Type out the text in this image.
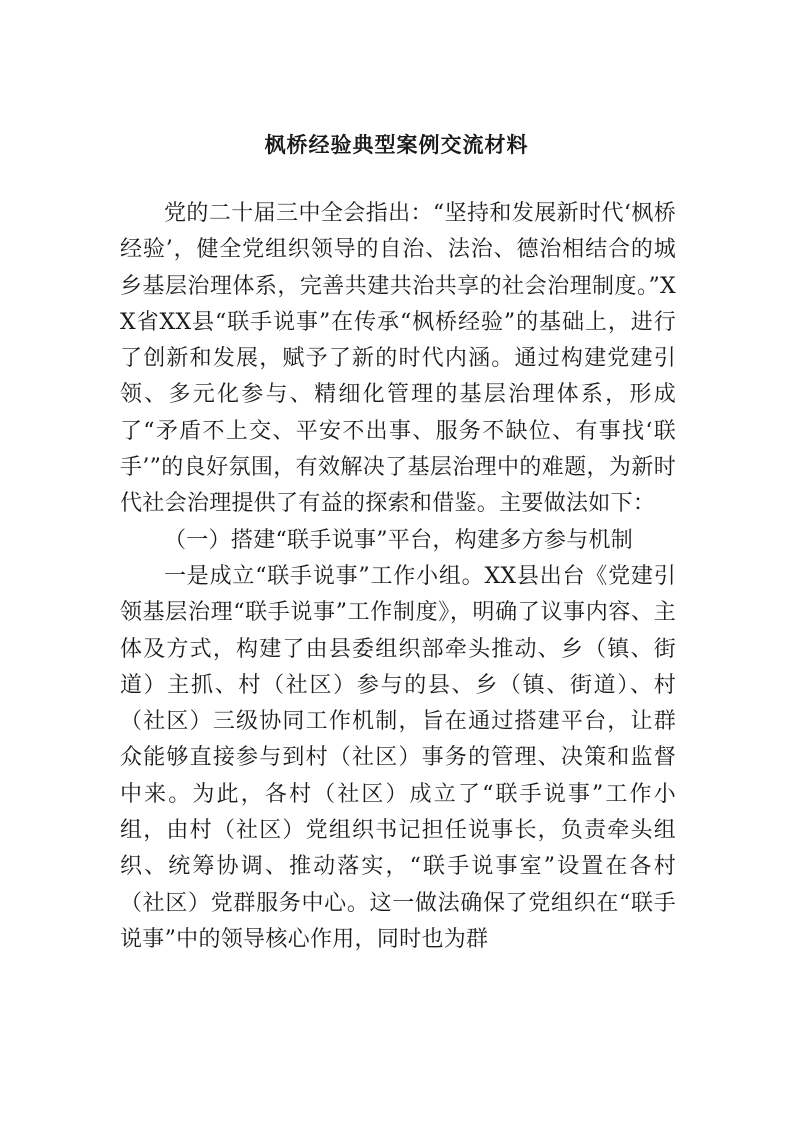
枫桥经验典型案例交流材料

党的二十届三中全会指出：“坚持和发展新时代‘枫桥经验’，健全党组织领导的自治、法治、德治相结合的城乡基层治理体系，完善共建共治共享的社会治理制度。”XX省XX县“联手说事”在传承“枫桥经验”的基础上，进行了创新和发展，赋予了新的时代内涵。通过构建党建引领、多元化参与、精细化管理的基层治理体系，形成了“矛盾不上交、平安不出事、服务不缺位、有事找‘联手’”的良好氛围，有效解决了基层治理中的难题，为新时代社会治理提供了有益的探索和借鉴。主要做法如下：

（一）搭建“联手说事”平台，构建多方参与机制

一是成立“联手说事”工作小组。XX县出台《党建引领基层治理“联手说事”工作制度》，明确了议事内容、主体及方式，构建了由县委组织部牵头推动、乡（镇、街道）主抓、村（社区）参与的县、乡（镇、街道）、村（社区）三级协同工作机制，旨在通过搭建平台，让群众能够直接参与到村（社区）事务的管理、决策和监督中来。为此，各村（社区）成立了“联手说事”工作小组，由村（社区）党组织书记担任说事长，负责牵头组织、统筹协调、推动落实，“联手说事室”设置在各村（社区）党群服务中心。这一做法确保了党组织在“联手说事”中的领导核心作用，同时也为群
